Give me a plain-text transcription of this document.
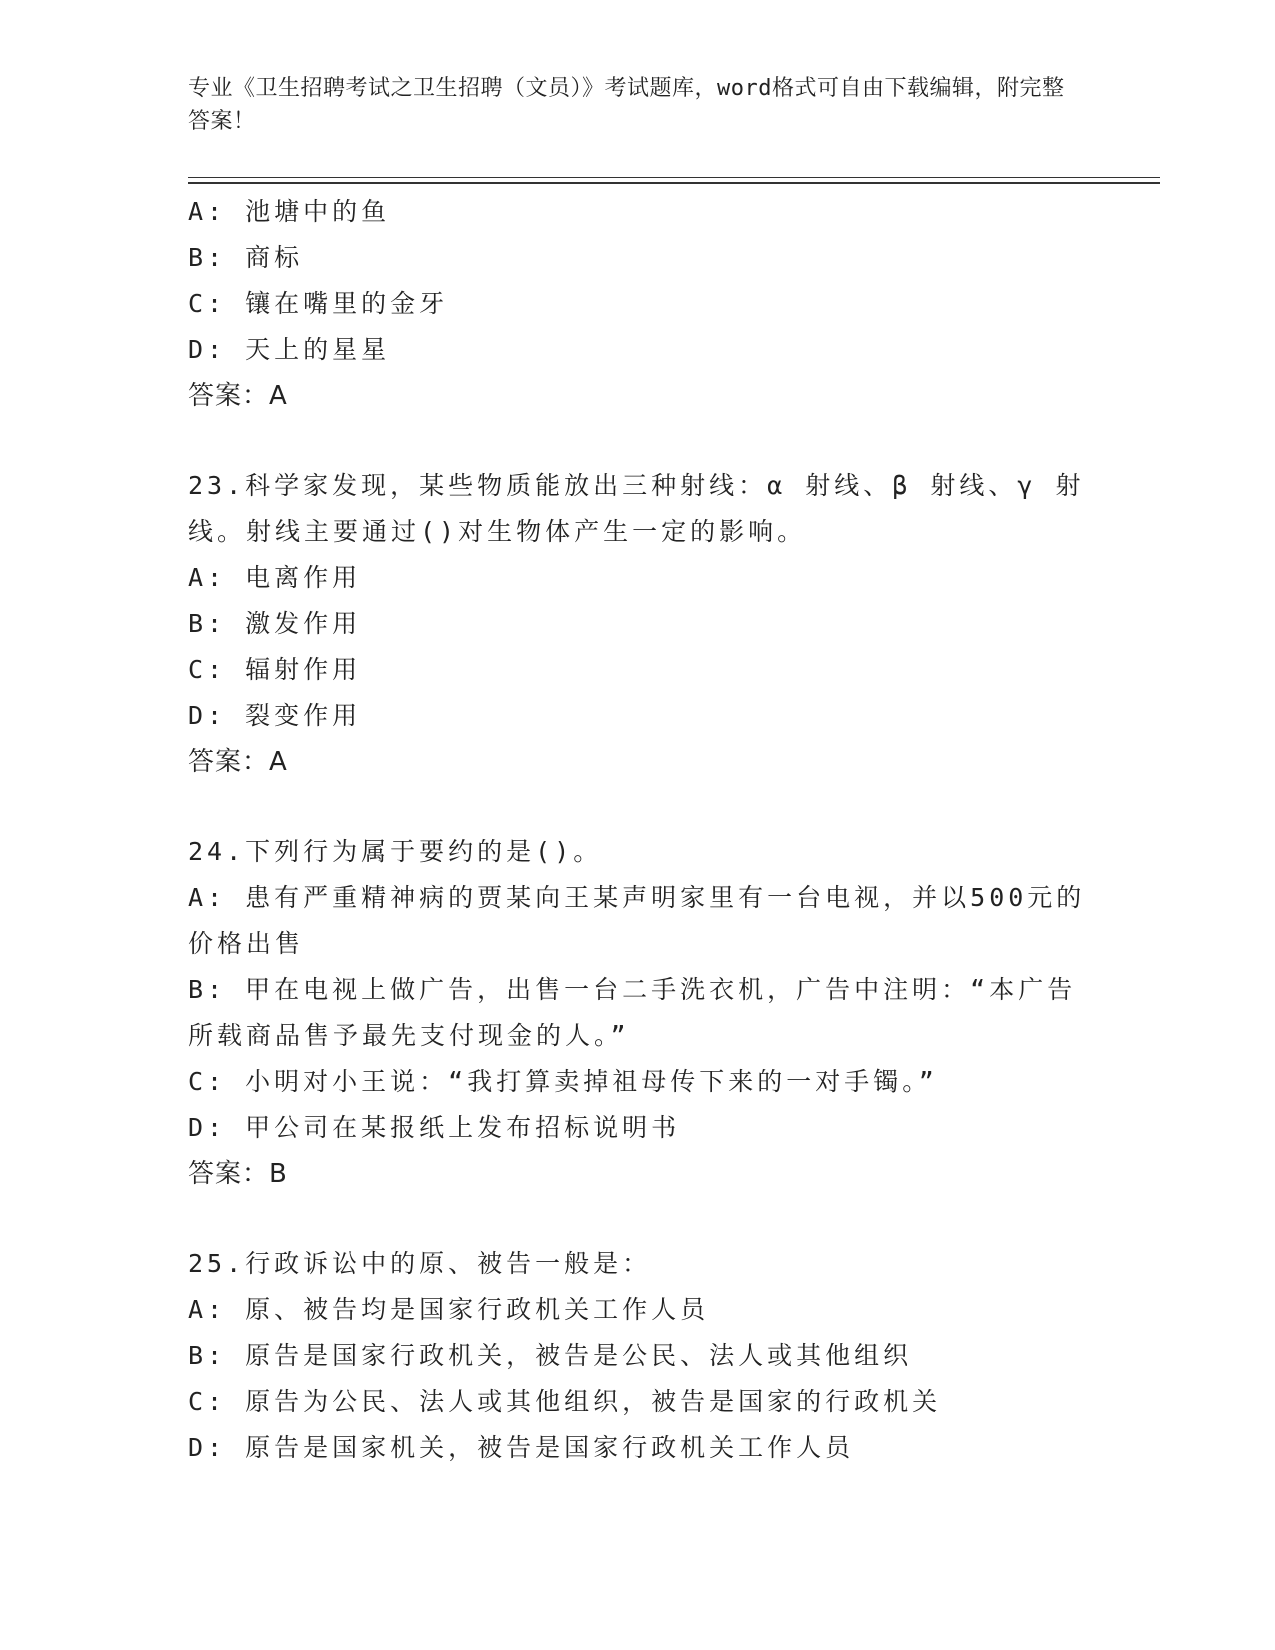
专业《卫生招聘考试之卫生招聘（文员）》考试题库，word格式可自由下载编辑，附完整答案！
A: 池塘中的鱼
B: 商标
C: 镶在嘴里的金牙
D: 天上的星星
答案：A
23.科学家发现，某些物质能放出三种射线：α 射线、β 射线、γ 射
线。射线主要通过()对生物体产生一定的影响。
A: 电离作用
B: 激发作用
C: 辐射作用
D: 裂变作用
答案：A
24.下列行为属于要约的是()。
A: 患有严重精神病的贾某向王某声明家里有一台电视，并以500元的
价格出售
B: 甲在电视上做广告，出售一台二手洗衣机，广告中注明：“本广告
所载商品售予最先支付现金的人。”
C: 小明对小王说：“我打算卖掉祖母传下来的一对手镯。”
D: 甲公司在某报纸上发布招标说明书
答案：B
25.行政诉讼中的原、被告一般是：
A: 原、被告均是国家行政机关工作人员
B: 原告是国家行政机关，被告是公民、法人或其他组织
C: 原告为公民、法人或其他组织，被告是国家的行政机关
D: 原告是国家机关，被告是国家行政机关工作人员
